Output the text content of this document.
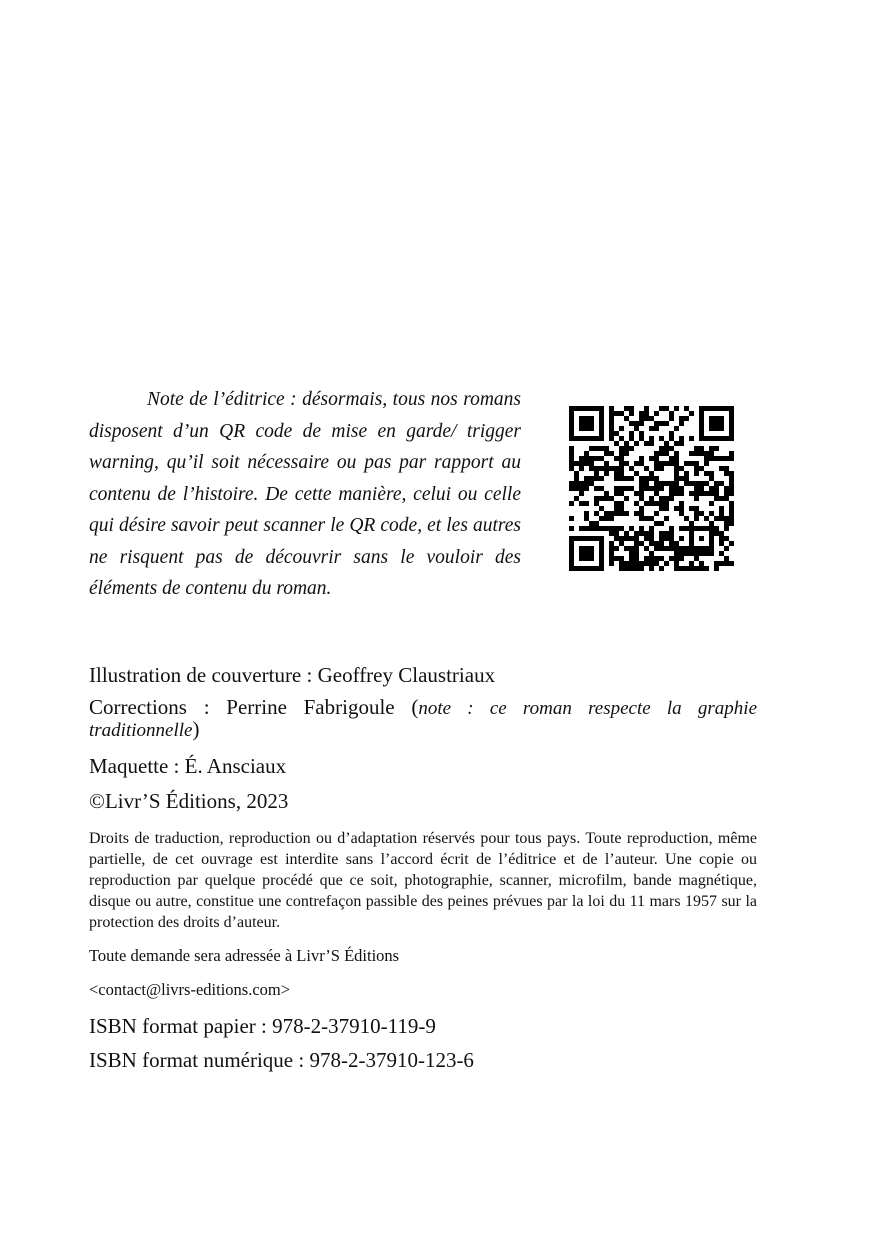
Note de l’éditrice : désormais, tous nos romans disposent d’un QR code de mise en garde/ trigger warning, qu’il soit nécessaire ou pas par rapport au contenu de l’histoire. De cette manière, celui ou celle qui désire savoir peut scanner le QR code, et les autres ne risquent pas de découvrir sans le vouloir des éléments de contenu du roman.

Illustration de couverture : Geoffrey Claustriaux

Corrections : Perrine Fabrigoule (note : ce roman respecte la graphie traditionnelle)

Maquette : É. Ansciaux

©Livr’S Éditions, 2023

Droits de traduction, reproduction ou d’adaptation réservés pour tous pays. Toute reproduction, même partielle, de cet ouvrage est interdite sans l’accord écrit de l’éditrice et de l’auteur. Une copie ou reproduction par quelque procédé que ce soit, photographie, scanner, microfilm, bande magnétique, disque ou autre, constitue une contrefaçon passible des peines prévues par la loi du 11 mars 1957 sur la protection des droits d’auteur.

Toute demande sera adressée à Livr’S Éditions

<contact@livrs-editions.com>

ISBN format papier : 978-2-37910-119-9

ISBN format numérique : 978-2-37910-123-6
